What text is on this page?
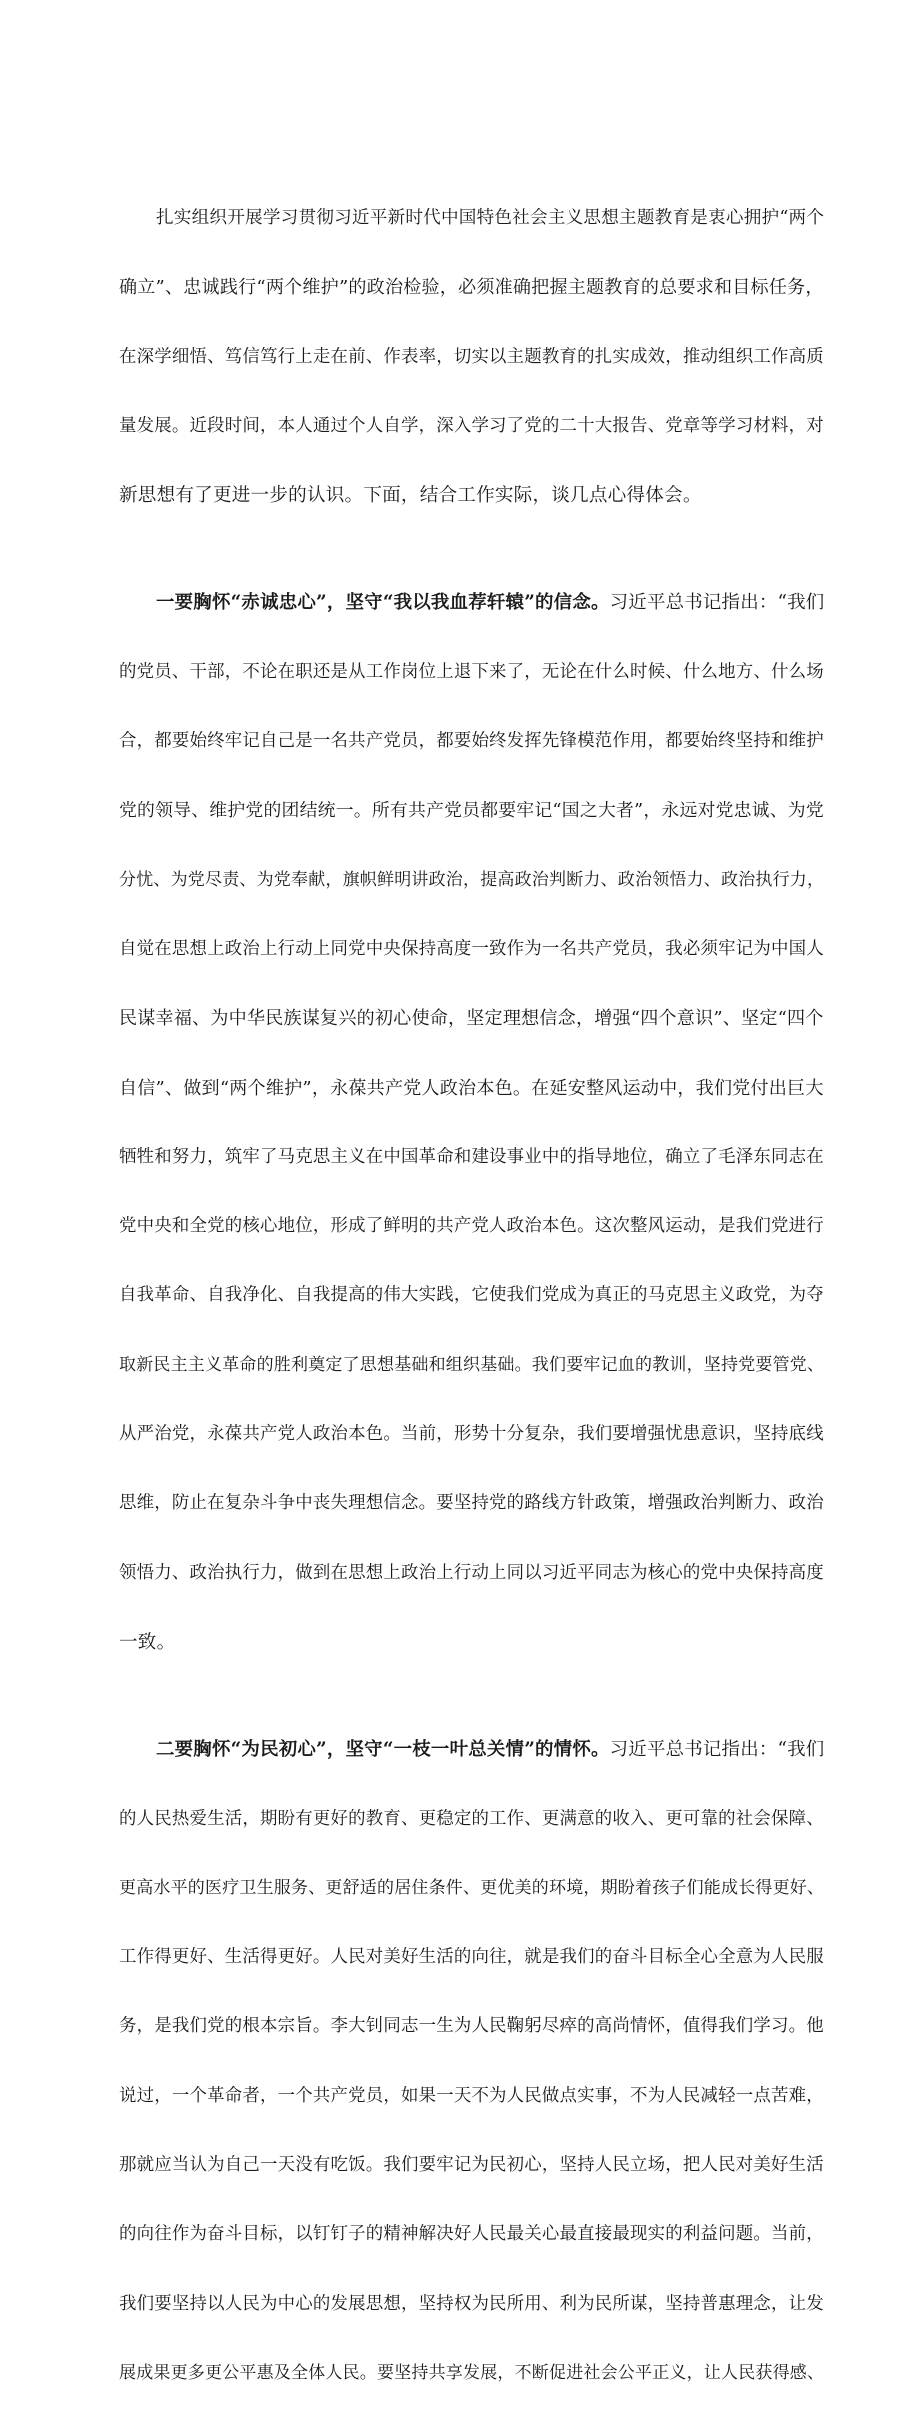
扎实组织开展学习贯彻习近平新时代中国特色社会主义思想主题教育是衷心拥护“两个

确立”、忠诚践行“两个维护”的政治检验，必须准确把握主题教育的总要求和目标任务，

在深学细悟、笃信笃行上走在前、作表率，切实以主题教育的扎实成效，推动组织工作高质

量发展。近段时间，本人通过个人自学，深入学习了党的二十大报告、党章等学习材料，对

新思想有了更进一步的认识。下面，结合工作实际，谈几点心得体会。

一要胸怀“赤诚忠心”，坚守“我以我血荐轩辕”的信念。习近平总书记指出：“我们

的党员、干部，不论在职还是从工作岗位上退下来了，无论在什么时候、什么地方、什么场

合，都要始终牢记自己是一名共产党员，都要始终发挥先锋模范作用，都要始终坚持和维护

党的领导、维护党的团结统一。所有共产党员都要牢记“国之大者”，永远对党忠诚、为党

分忧、为党尽责、为党奉献，旗帜鲜明讲政治，提高政治判断力、政治领悟力、政治执行力，

自觉在思想上政治上行动上同党中央保持高度一致作为一名共产党员，我必须牢记为中国人

民谋幸福、为中华民族谋复兴的初心使命，坚定理想信念，增强“四个意识”、坚定“四个

自信”、做到“两个维护”，永葆共产党人政治本色。在延安整风运动中，我们党付出巨大

牺牲和努力，筑牢了马克思主义在中国革命和建设事业中的指导地位，确立了毛泽东同志在

党中央和全党的核心地位，形成了鲜明的共产党人政治本色。这次整风运动，是我们党进行

自我革命、自我净化、自我提高的伟大实践，它使我们党成为真正的马克思主义政党，为夺

取新民主主义革命的胜利奠定了思想基础和组织基础。我们要牢记血的教训，坚持党要管党、

从严治党，永葆共产党人政治本色。当前，形势十分复杂，我们要增强忧患意识，坚持底线

思维，防止在复杂斗争中丧失理想信念。要坚持党的路线方针政策，增强政治判断力、政治

领悟力、政治执行力，做到在思想上政治上行动上同以习近平同志为核心的党中央保持高度

一致。

二要胸怀“为民初心”，坚守“一枝一叶总关情”的情怀。习近平总书记指出：“我们

的人民热爱生活，期盼有更好的教育、更稳定的工作、更满意的收入、更可靠的社会保障、

更高水平的医疗卫生服务、更舒适的居住条件、更优美的环境，期盼着孩子们能成长得更好、

工作得更好、生活得更好。人民对美好生活的向往，就是我们的奋斗目标全心全意为人民服

务，是我们党的根本宗旨。李大钊同志一生为人民鞠躬尽瘁的高尚情怀，值得我们学习。他

说过，一个革命者，一个共产党员，如果一天不为人民做点实事，不为人民减轻一点苦难，

那就应当认为自己一天没有吃饭。我们要牢记为民初心，坚持人民立场，把人民对美好生活

的向往作为奋斗目标，以钉钉子的精神解决好人民最关心最直接最现实的利益问题。当前，

我们要坚持以人民为中心的发展思想，坚持权为民所用、利为民所谋，坚持普惠理念，让发

展成果更多更公平惠及全体人民。要坚持共享发展，不断促进社会公平正义，让人民获得感、
